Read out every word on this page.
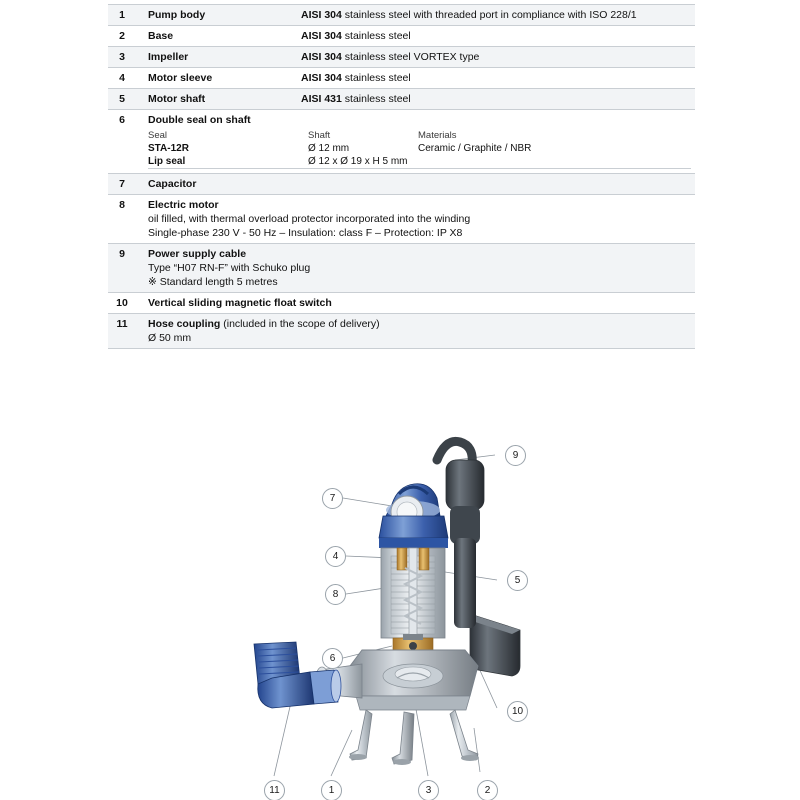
1	Pump body	AISI 304 stainless steel with threaded port in compliance with ISO 228/1
2	Base	AISI 304 stainless steel
3	Impeller	AISI 304 stainless steel VORTEX type
4	Motor sleeve	AISI 304 stainless steel
5	Motor shaft	AISI 431 stainless steel
6	Double seal on shaft
Seal	Shaft	Materials
STA-12R	Ø 12 mm	Ceramic / Graphite / NBR
Lip seal	Ø 12 x Ø 19 x H 5 mm	

7	Capacitor
8	Electric motor
oil filled, with thermal overload protector incorporated into the winding
Single-phase 230 V - 50 Hz – Insulation: class F – Protection: IP X8

9	Power supply cable
Type “H07 RN-F” with Schuko plug
※ Standard length 5 metres

10	Vertical sliding magnetic float switch
11	Hose coupling (included in the scope of delivery)
Ø 50 mm
9
7
4
5
8
6
10
11	1	3	2
